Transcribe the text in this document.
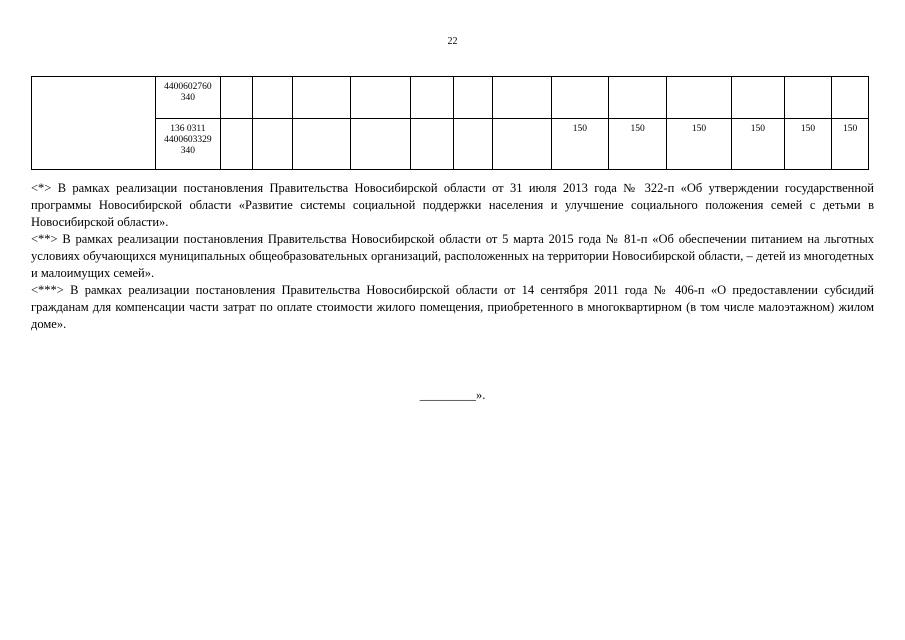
22

	4400602760
340													

	136 0311
4400603329
340								150	150	150	150	150	150

<*> В рамках реализации постановления Правительства Новосибирской области от 31 июля 2013 года № 322-п «Об утверждении государственной программы Новосибирской области «Развитие системы социальной поддержки населения и улучшение социального положения семей с детьми в Новосибирской области».

<**> В рамках реализации постановления Правительства Новосибирской области от 5 марта 2015 года № 81-п «Об обеспечении питанием на льготных условиях обучающихся муниципальных общеобразовательных организаций, расположенных на территории Новосибирской области, – детей из многодетных и малоимущих семей».

<***> В рамках реализации постановления Правительства Новосибирской области от 14 сентября 2011 года № 406-п «О предоставлении субсидий гражданам для компенсации части затрат по оплате стоимости жилого помещения, приобретенного в многоквартирном (в том числе малоэтажном) жилом доме».

_________».
